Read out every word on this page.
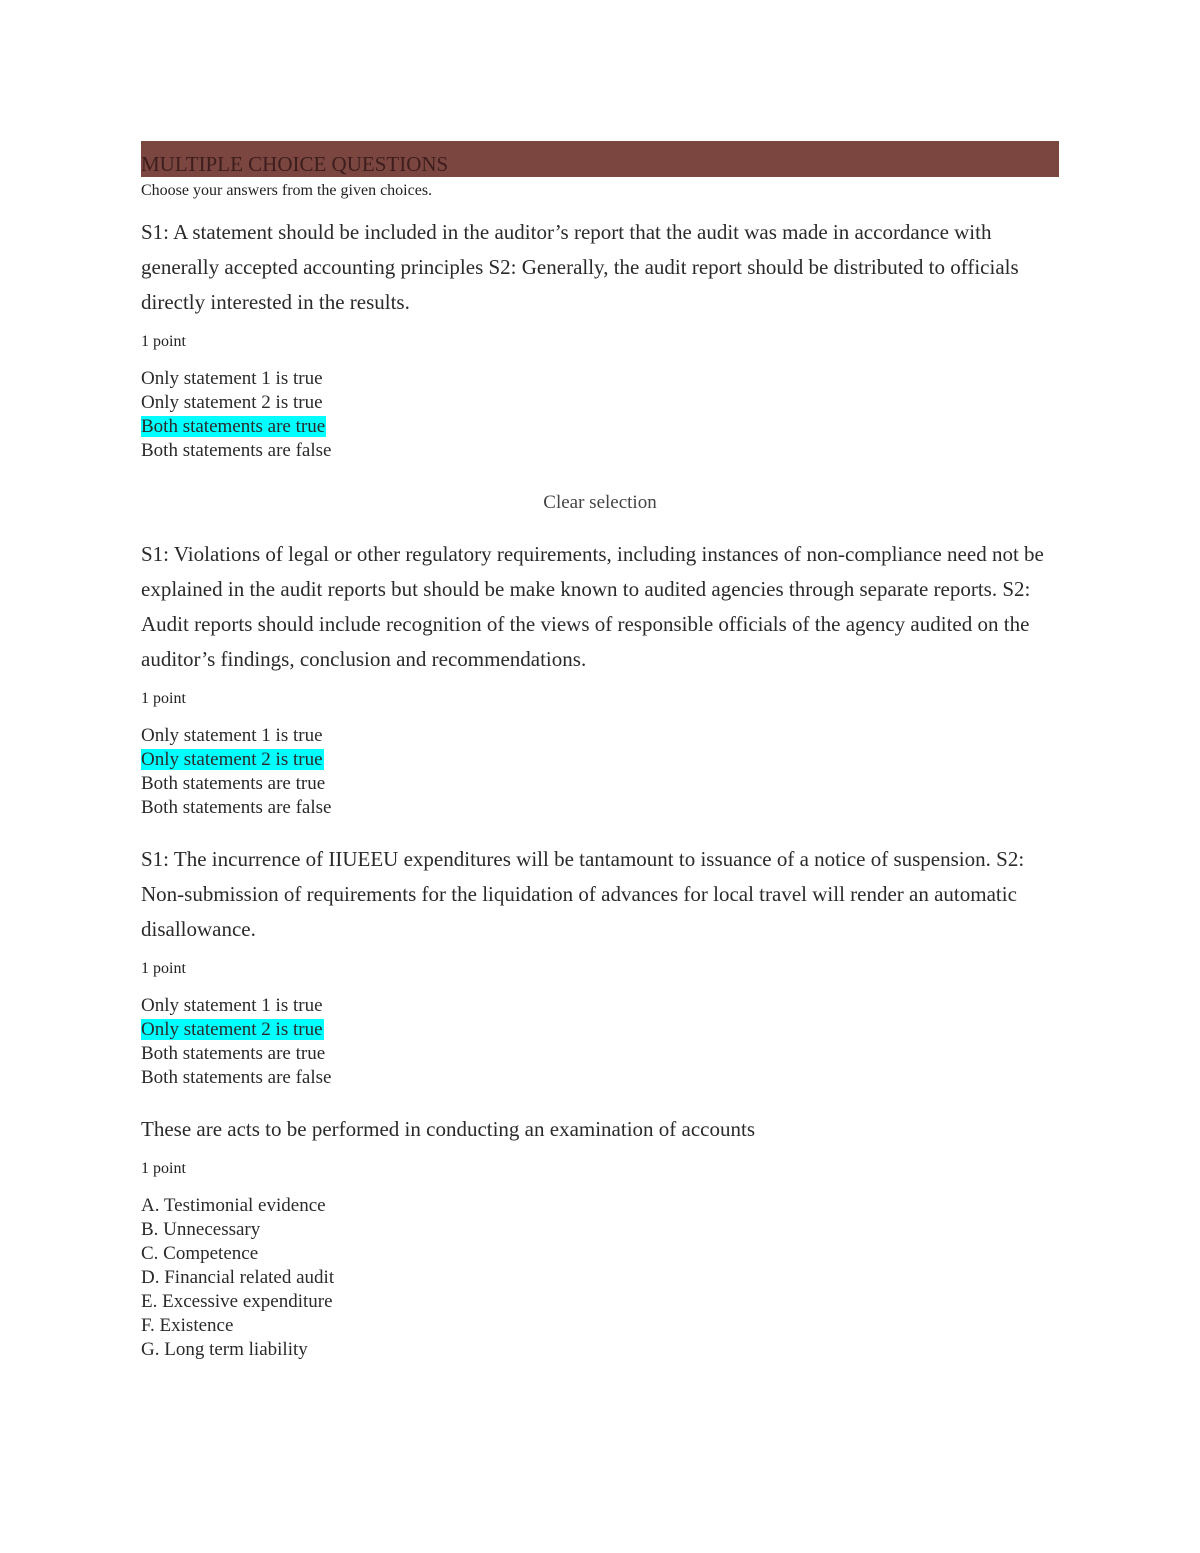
MULTIPLE CHOICE QUESTIONS
Choose your answers from the given choices.
S1: A statement should be included in the auditor’s report that the audit was made in accordance with generally accepted accounting principles S2: Generally, the audit report should be distributed to officials directly interested in the results.
1 point
Only statement 1 is true
Only statement 2 is true
Both statements are true
Both statements are false
Clear selection
S1: Violations of legal or other regulatory requirements, including instances of non-compliance need not be explained in the audit reports but should be make known to audited agencies through separate reports. S2: Audit reports should include recognition of the views of responsible officials of the agency audited on the auditor’s findings, conclusion and recommendations.
1 point
Only statement 1 is true
Only statement 2 is true
Both statements are true
Both statements are false
S1: The incurrence of IIUEEU expenditures will be tantamount to issuance of a notice of suspension. S2: Non-submission of requirements for the liquidation of advances for local travel will render an automatic disallowance.
1 point
Only statement 1 is true
Only statement 2 is true
Both statements are true
Both statements are false
These are acts to be performed in conducting an examination of accounts
1 point
A. Testimonial evidence
B. Unnecessary
C. Competence
D. Financial related audit
E. Excessive expenditure
F. Existence
G. Long term liability
